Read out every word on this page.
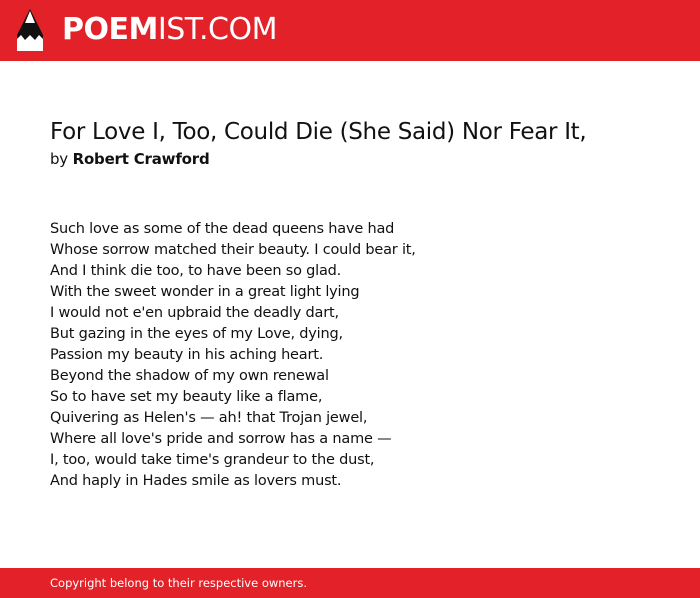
POEMIST.COM
For Love I, Too, Could Die (She Said) Nor Fear It,
by Robert Crawford
Such love as some of the dead queens have had
Whose sorrow matched their beauty. I could bear it,
And I think die too, to have been so glad.
With the sweet wonder in a great light lying
I would not e'en upbraid the deadly dart,
But gazing in the eyes of my Love, dying,
Passion my beauty in his aching heart.
Beyond the shadow of my own renewal
So to have set my beauty like a flame,
Quivering as Helen's — ah! that Trojan jewel,
Where all love's pride and sorrow has a name —
I, too, would take time's grandeur to the dust,
And haply in Hades smile as lovers must.
Copyright belong to their respective owners.
